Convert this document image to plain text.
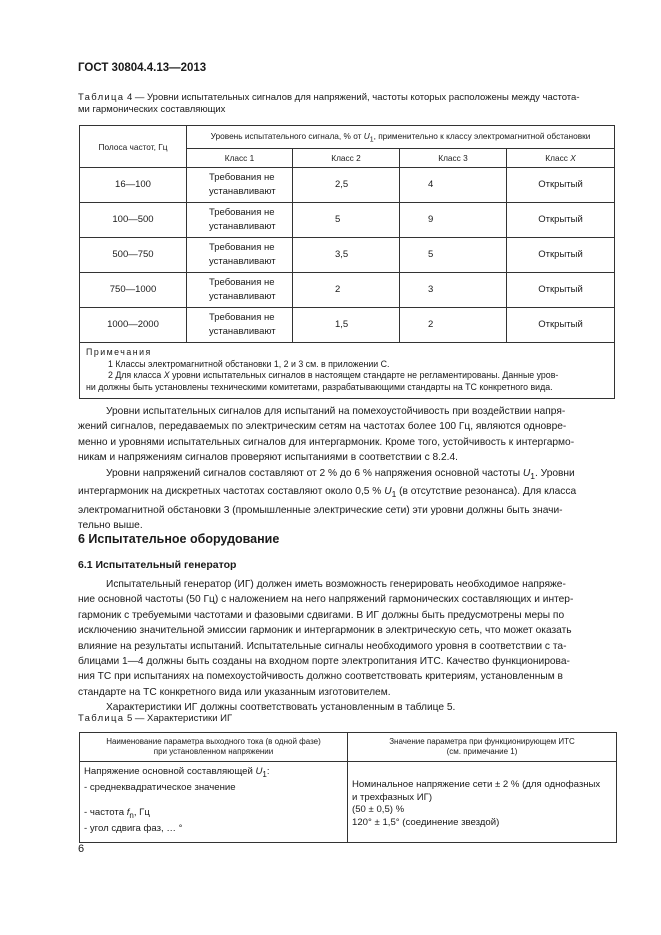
ГОСТ 30804.4.13—2013
Таблица 4 — Уровни испытательных сигналов для напряжений, частоты которых расположены между частота-
ми гармонических составляющих
Полоса частот, Гц	Уровень испытательного сигнала, % от $U_1$, применительно к классу электромагнитной обстановки			
	Класс 1	Класс 2	Класс 3	Класс X
16—100	Требования не
устанавливают	2,5	4	Открытый
100—500	Требования не
устанавливают	5	9	Открытый
500—750	Требования не
устанавливают	3,5	5	Открытый
750—1000	Требования не
устанавливают	2	3	Открытый
1000—2000	Требования не
устанавливают	1,5	2	Открытый

Примечания
1 Классы электромагнитной обстановки 1, 2 и 3 см. в приложении С.
2 Для класса X уровни испытательных сигналов в настоящем стандарте не регламентированы. Данные уров-
ни должны быть установлены техническими комитетами, разрабатывающими стандарты на ТС конкретного вида.				

Уровни испытательных сигналов для испытаний на помехоустойчивость при воздействии напря-

жений сигналов, передаваемых по электрическим сетям на частотах более 100 Гц, являются одновре-
менно и уровнями испытательных сигналов для интергармоник. Кроме того, устойчивость к интергармо-
никам и напряжениям сигналов проверяют испытаниями в соответствии с 8.2.4.

Уровни напряжений сигналов составляют от 2 % до 6 % напряжения основной частоты $U_1$. Уровни

интергармоник на дискретных частотах составляют около 0,5 % $U_1$ (в отсутствие резонанса). Для класса
электромагнитной обстановки 3 (промышленные электрические сети) эти уровни должны быть значи-
тельно выше.
6 Испытательное оборудование
6.1 Испытательный генератор

Испытательный генератор (ИГ) должен иметь возможность генерировать необходимое напряже-

ние основной частоты (50 Гц) с наложением на него напряжений гармонических составляющих и интер-
гармоник с требуемыми частотами и фазовыми сдвигами. В ИГ должны быть предусмотрены меры по
исключению значительной эмиссии гармоник и интергармоник в электрическую сеть, что может оказать
влияние на результаты испытаний. Испытательные сигналы необходимого уровня в соответствии с та-
блицами 1—4 должны быть созданы на входном порте электропитания ИТС. Качество функционирова-
ния ТС при испытаниях на помехоустойчивость должно соответствовать критериям, установленным в
стандарте на ТС конкретного вида или указанным изготовителем.

Характеристики ИГ должны соответствовать установленным в таблице 5.

Таблица 5 — Характеристики ИГ
Наименование параметра выходного тока (в одной фазе)
при установленном напряжении	Значение параметра при функционирующем ИТС
(см. примечание 1)

Напряжение основной составляющей $U_1$:
- среднеквадратическое значение

- частота $f_n$, Гц
- угол сдвига фаз, … °	Номинальное напряжение сети ± 2 % (для однофазных
и трехфазных ИГ)
(50 ± 0,5) %
120° ± 1,5° (соединение звездой)
6
